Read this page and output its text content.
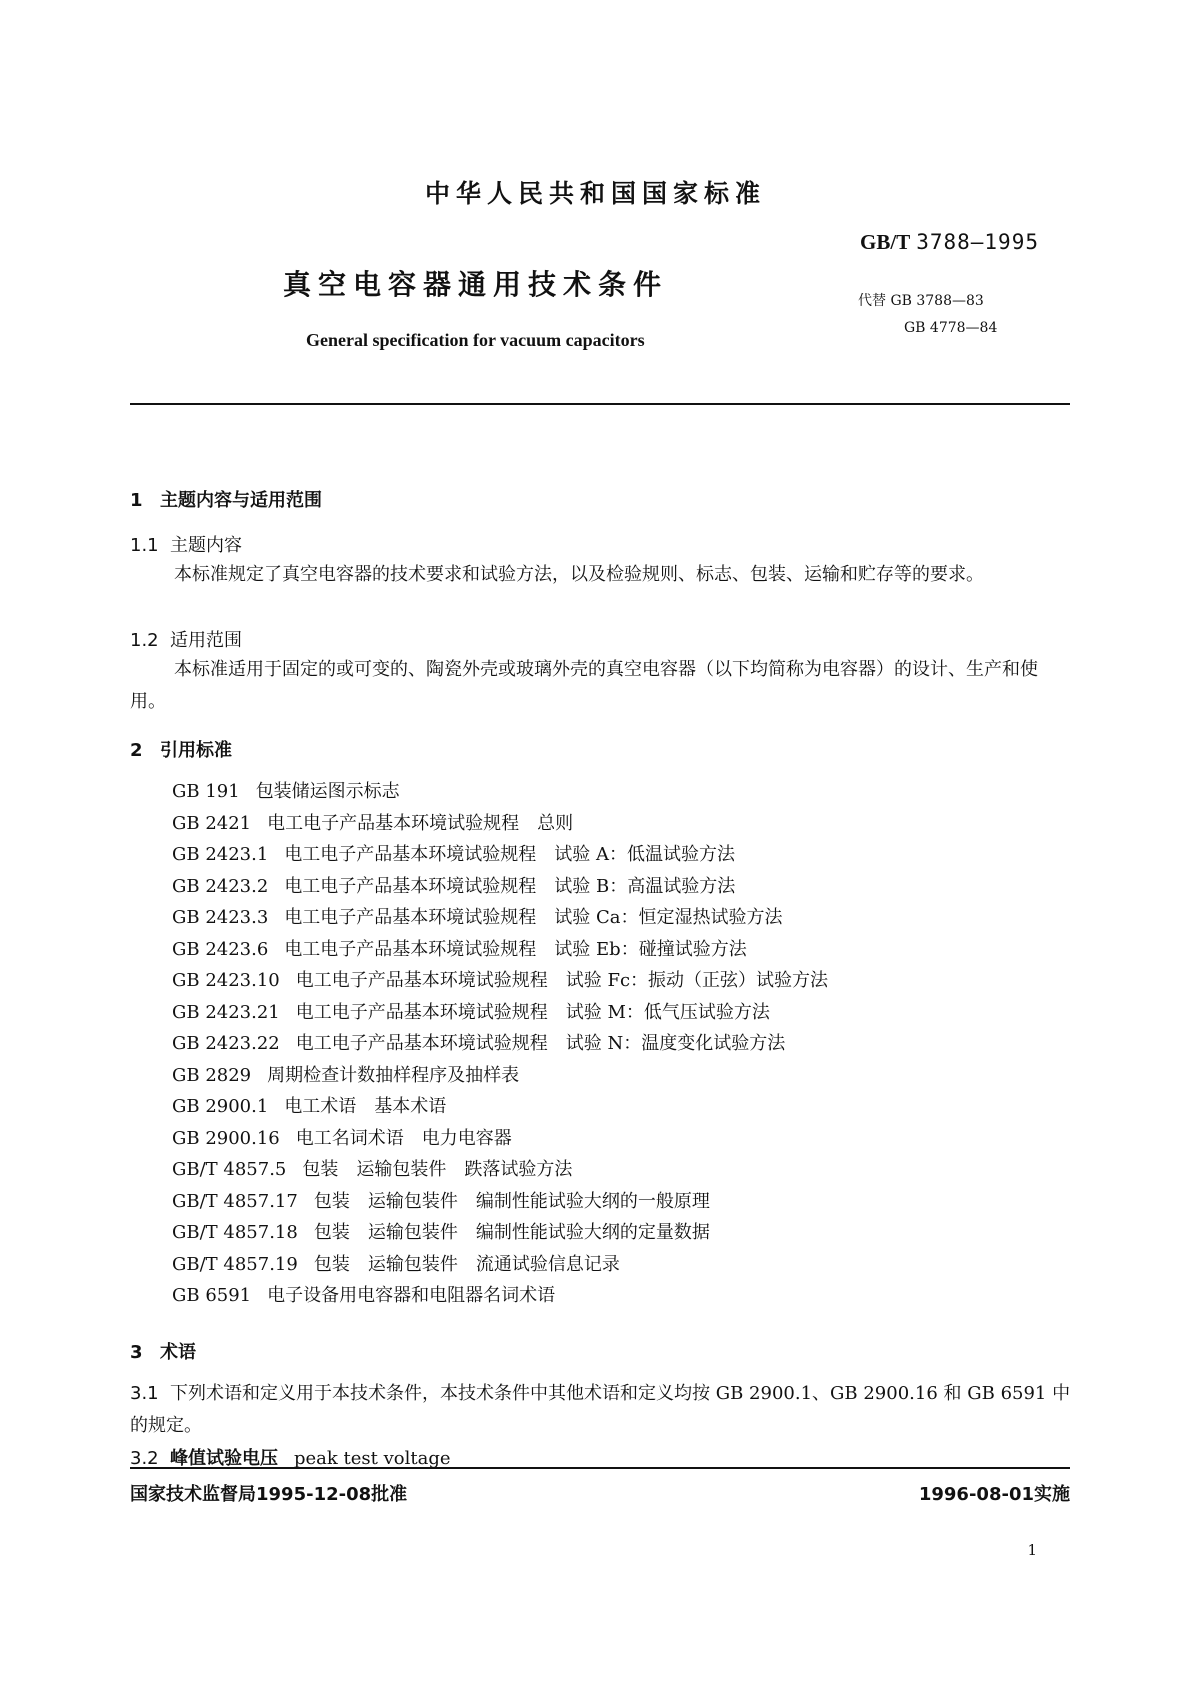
中华人民共和国国家标准
GB/T 3788—1995
真空电容器通用技术条件	代替 GB 3788—83
GB 4778—84
General specification for vacuum capacitors
1 主题内容与适用范围
1.1 主题内容
本标准规定了真空电容器的技术要求和试验方法，以及检验规则、标志、包装、运输和贮存等的要求。
1.2 适用范围
本标准适用于固定的或可变的、陶瓷外壳或玻璃外壳的真空电容器（以下均简称为电容器）的设计、生产和使用。
2 引用标准
GB 191 包装储运图示标志
GB 2421 电工电子产品基本环境试验规程　总则
GB 2423.1 电工电子产品基本环境试验规程　试验 A：低温试验方法
GB 2423.2 电工电子产品基本环境试验规程　试验 B：高温试验方法
GB 2423.3 电工电子产品基本环境试验规程　试验 Ca：恒定湿热试验方法
GB 2423.6 电工电子产品基本环境试验规程　试验 Eb：碰撞试验方法
GB 2423.10 电工电子产品基本环境试验规程　试验 Fc：振动（正弦）试验方法
GB 2423.21 电工电子产品基本环境试验规程　试验 M：低气压试验方法
GB 2423.22 电工电子产品基本环境试验规程　试验 N：温度变化试验方法
GB 2829 周期检查计数抽样程序及抽样表
GB 2900.1 电工术语　基本术语
GB 2900.16 电工名词术语　电力电容器
GB/T 4857.5 包装　运输包装件　跌落试验方法
GB/T 4857.17 包装　运输包装件　编制性能试验大纲的一般原理
GB/T 4857.18 包装　运输包装件　编制性能试验大纲的定量数据
GB/T 4857.19 包装　运输包装件　流通试验信息记录
GB 6591 电子设备用电容器和电阻器名词术语
3 术语
3.1 下列术语和定义用于本技术条件，本技术条件中其他术语和定义均按 GB 2900.1、GB 2900.16 和 GB 6591 中的规定。
3.2 峰值试验电压 peak test voltage
国家技术监督局1995-12-08批准	1996-08-01实施
1
